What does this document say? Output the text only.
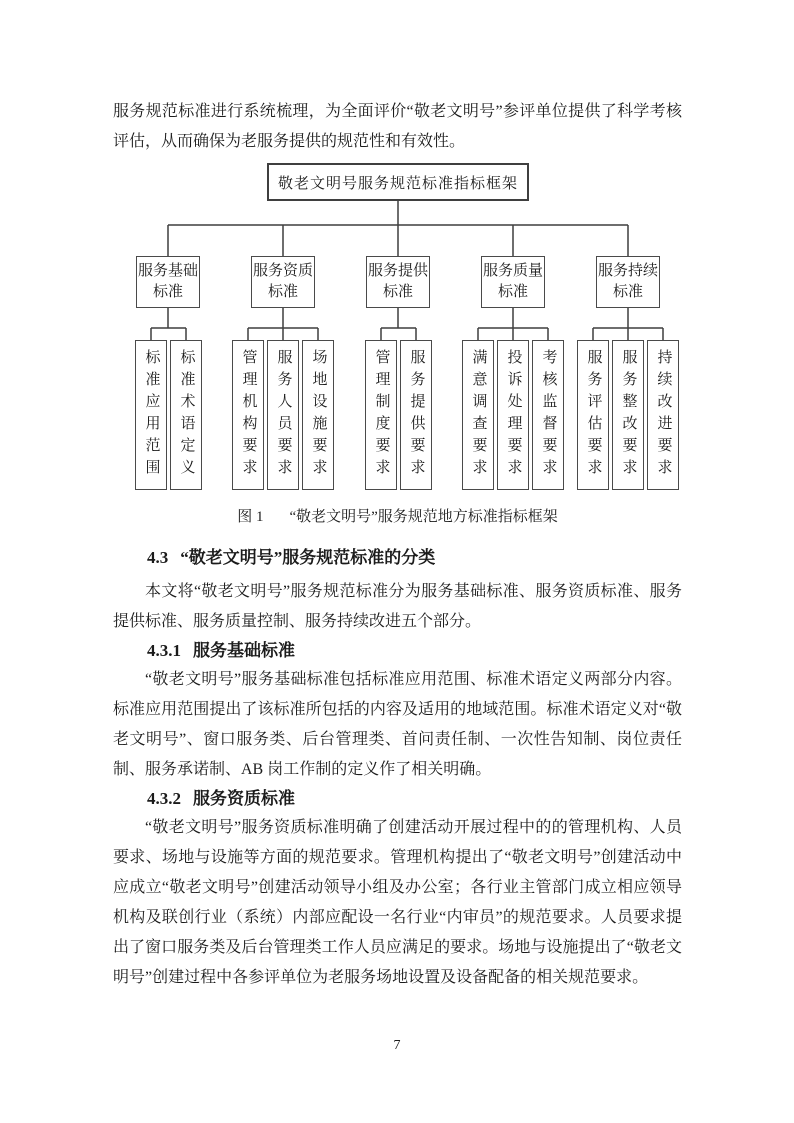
服务规范标准进行系统梳理，为全面评价“敬老文明号”参评单位提供了科学考核评估，从而确保为老服务提供的规范性和有效性。

敬老文明号服务规范标准指标框架
服务基础标准
服务资质标准
服务提供标准
服务质量标准
服务持续标准
标准应用范围 标准术语定义	管理机构要求 服务人员要求 场地设施要求	管理制度要求 服务提供要求	满意调查要求 投诉处理要求 考核监督要求 服务评估要求 服务整改要求 持续改进要求
图 1 “敬老文明号”服务规范地方标准指标框架
4.3 “敬老文明号”服务规范标准的分类

本文将“敬老文明号”服务规范标准分为服务基础标准、服务资质标准、服务提供标准、服务质量控制、服务持续改进五个部分。

4.3.1 服务基础标准

“敬老文明号”服务基础标准包括标准应用范围、标准术语定义两部分内容。标准应用范围提出了该标准所包括的内容及适用的地域范围。标准术语定义对“敬老文明号”、窗口服务类、后台管理类、首问责任制、一次性告知制、岗位责任制、服务承诺制、AB 岗工作制的定义作了相关明确。

4.3.2 服务资质标准

“敬老文明号”服务资质标准明确了创建活动开展过程中的的管理机构、人员要求、场地与设施等方面的规范要求。管理机构提出了“敬老文明号”创建活动中应成立“敬老文明号”创建活动领导小组及办公室；各行业主管部门成立相应领导机构及联创行业（系统）内部应配设一名行业“内审员”的规范要求。人员要求提出了窗口服务类及后台管理类工作人员应满足的要求。场地与设施提出了“敬老文明号”创建过程中各参评单位为老服务场地设置及设备配备的相关规范要求。

7
